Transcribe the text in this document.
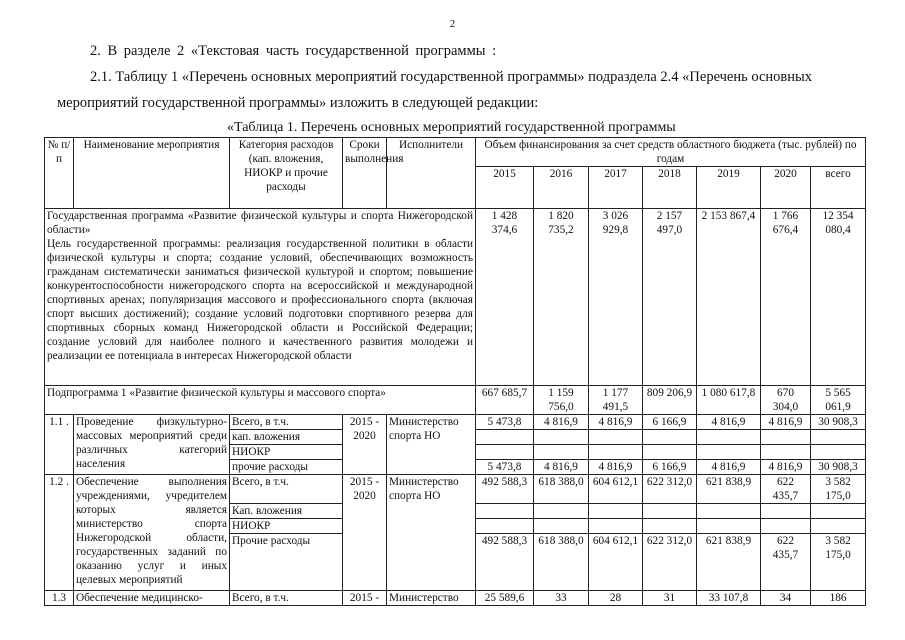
2
2. В разделе 2 «Текстовая часть государственной программы :
2.1. Таблицу 1 «Перечень основных мероприятий государственной программы» подраздела 2.4 «Перечень основных
мероприятий государственной программы» изложить в следующей редакции:
«Таблица 1. Перечень основных мероприятий государственной программы
№ п/п	Наименование мероприятия	Категория расходов (кап. вложения, НИОКР и прочие расходы	Сроки выполнения	Исполнители	Объем финансирования за счет средств областного бюджета (тыс. рублей) по годам						
					2015	2016	2017	2018	2019	2020	всего

Государственная программа «Развитие физической культуры и спорта Нижегородской области»
Цель государственной программы: реализация государственной политики в области физической культуры и спорта; создание условий, обеспечивающих возможность гражданам систематически заниматься физической культурой и спортом; повышение конкурентоспособности нижегородского спорта на всероссийской и международной спортивных аренах; популяризация массового и профессионального спорта (включая спорт высших достижений); создание условий подготовки спортивного резерва для спортивных сборных команд Нижегородской области и Российской Федерации; создание условий для наиболее полного и качественного развития молодежи и реализации ее потенциала в интересах Нижегородской области					1 428 374,6	1 820 735,2	3 026 929,8	2 157 497,0	2 153 867,4	1 766 676,4	12 354 080,4
Подпрограмма 1 «Развитие физической культуры и массового спорта»					667 685,7	1 159 756,0	1 177 491,5	809 206,9	1 080 617,8	670 304,0	5 565 061,9
1.1 .	Проведение физкультурно-массовых мероприятий среди различных категорий населения	Всего, в т.ч.	2015 - 2020	Министерство спорта НО	5 473,8	4 816,9	4 816,9	6 166,9	4 816,9	4 816,9	30 908,3
		кап. вложения									
		НИОКР									
		прочие расходы			5 473,8	4 816,9	4 816,9	6 166,9	4 816,9	4 816,9	30 908,3
1.2 .	Обеспечение выполнения учреждениями, учредителем которых является министерство спорта Нижегородской области, государственных заданий по оказанию услуг и иных целевых мероприятий	Всего, в т.ч.	2015 - 2020	Министерство спорта НО	492 588,3	618 388,0	604 612,1	622 312,0	621 838,9	622 435,7	3 582 175,0
		Кап. вложения									
		НИОКР									
		Прочие расходы			492 588,3	618 388,0	604 612,1	622 312,0	621 838,9	622 435,7	3 582 175,0
1.3	Обеспечение медицинско-	Всего, в т.ч.	2015 -	Министерство	25 589,6	33	28	31	33 107,8	34	186
